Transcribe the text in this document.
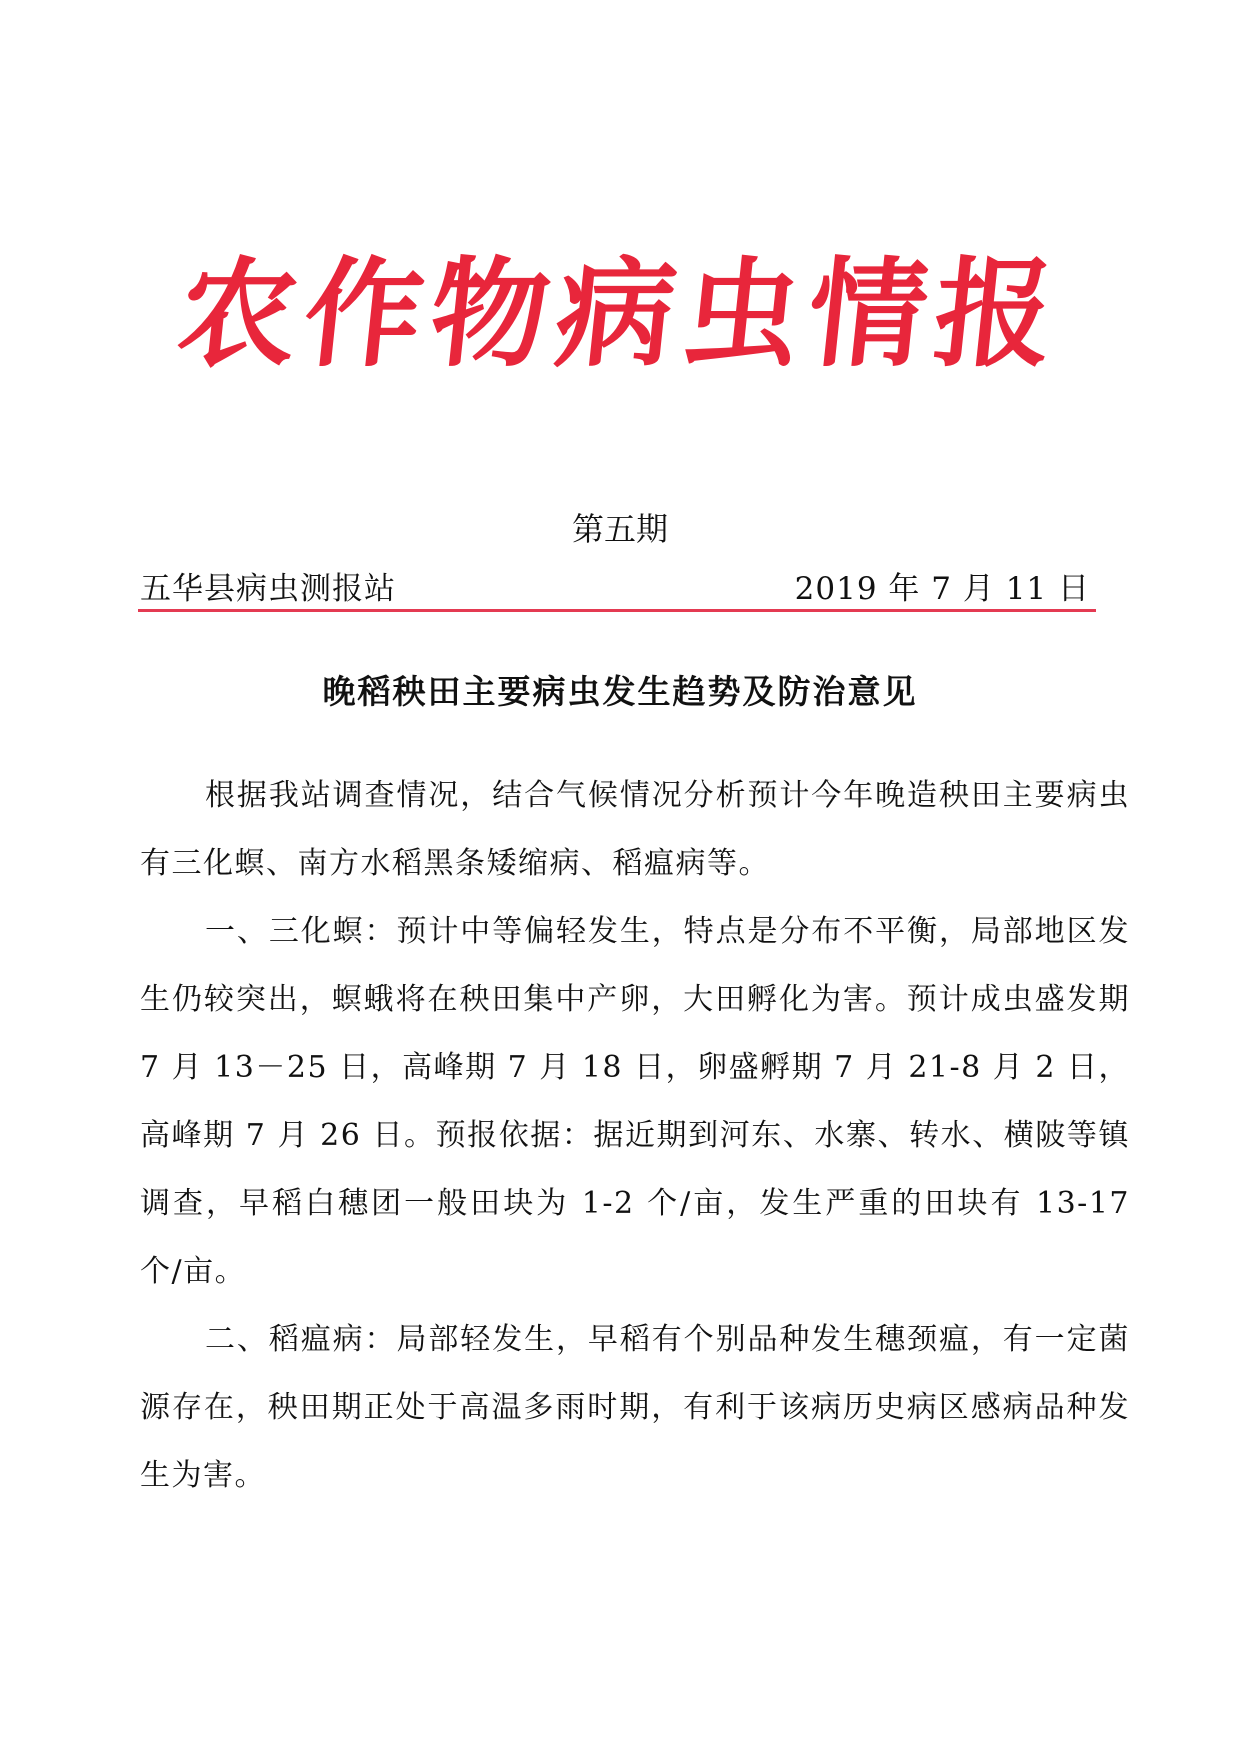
农作物病虫情报
第五期
五华县病虫测报站	2019 年 7 月 11 日
晚稻秧田主要病虫发生趋势及防治意见

根据我站调查情况，结合气候情况分析预计今年晚造秧田主要病虫有三化螟、南方水稻黑条矮缩病、稻瘟病等。

一、三化螟：预计中等偏轻发生，特点是分布不平衡，局部地区发生仍较突出，螟蛾将在秧田集中产卵，大田孵化为害。预计成虫盛发期 7 月 13－25 日，高峰期 7 月 18 日，卵盛孵期 7 月 21-8 月 2 日，高峰期 7 月 26 日。预报依据：据近期到河东、水寨、转水、横陂等镇调查，早稻白穗团一般田块为 1-2 个/亩，发生严重的田块有 13-17 个/亩。

二、稻瘟病：局部轻发生，早稻有个别品种发生穗颈瘟，有一定菌源存在，秧田期正处于高温多雨时期，有利于该病历史病区感病品种发生为害。
